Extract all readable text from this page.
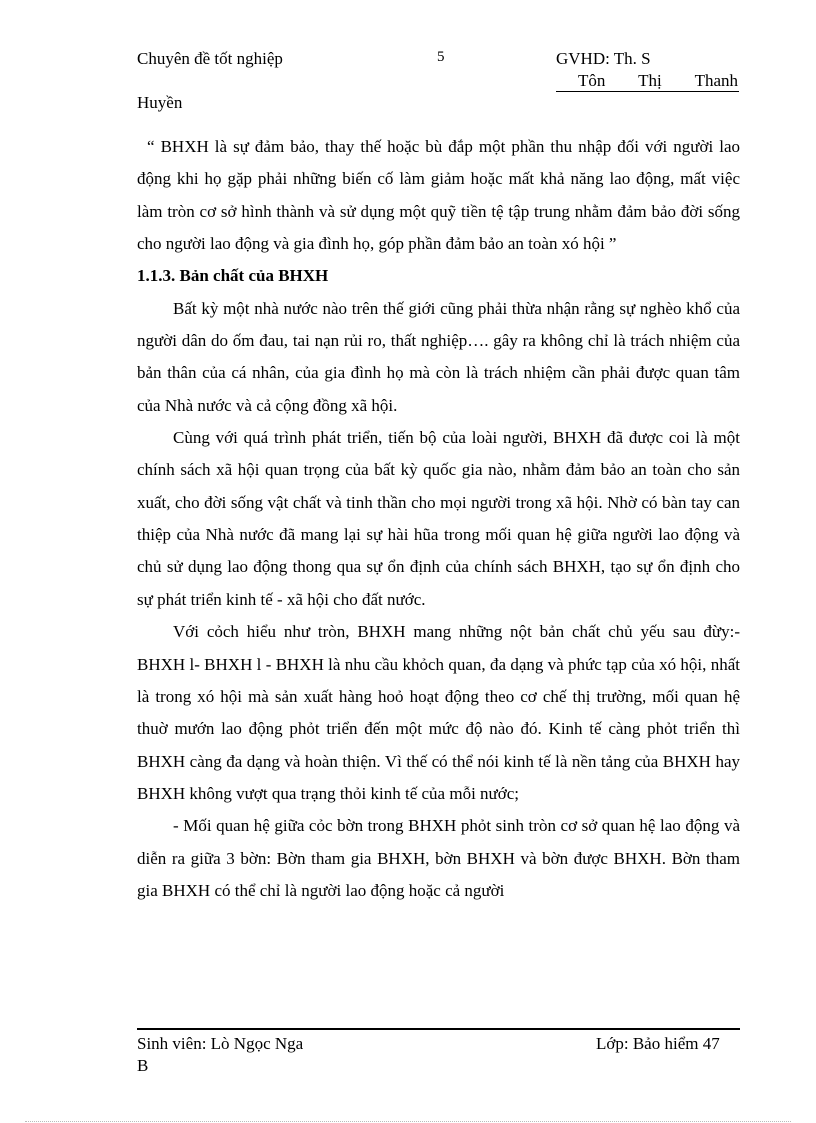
Chuyên đề tốt nghiệp	5	GVHD: Th. S
Tôn Thị Thanh
Huyền

“ BHXH là sự đảm bảo, thay thế hoặc bù đắp một phần thu nhập đối với người lao động khi họ gặp phải những biến cố làm giảm hoặc mất khả năng lao động, mất việc làm tròn cơ sở hình thành và sử dụng một quỹ tiền tệ tập trung nhằm đảm bảo đời sống cho người lao động và gia đình họ, góp phần đảm bảo an toàn xó hội ”

1.1.3. Bản chất của BHXH

Bất kỳ một nhà nước nào trên thế giới cũng phải thừa nhận rằng sự nghèo khổ của người dân do ốm đau, tai nạn rủi ro, thất nghiệp…. gây ra không chỉ là trách nhiệm của bản thân của cá nhân, của gia đình họ mà còn là trách nhiệm cần phải được quan tâm của Nhà nước và cả cộng đồng xã hội.

Cùng với quá trình phát triển, tiến bộ của loài người, BHXH đã được coi là một chính sách xã hội quan trọng của bất kỳ quốc gia nào, nhằm đảm bảo an toàn cho sản xuất, cho đời sống vật chất và tinh thần cho mọi người trong xã hội. Nhờ có bàn tay can thiệp của Nhà nước đã mang lại sự hài hũa trong mối quan hệ giữa người lao động và chủ sử dụng lao động thong qua sự ổn định của chính sách BHXH, tạo sự ổn định cho sự phát triển kinh tế - xã hội cho đất nước.

Với cỏch hiểu như tròn, BHXH mang những nột bản chất chủ yếu sau đừy:- BHXH l- BHXH l - BHXH là nhu cầu khỏch quan, đa dạng và phức tạp của xó hội, nhất là trong xó hội mà sản xuất hàng hoỏ hoạt động theo cơ chế thị trường, mối quan hệ thuờ mướn lao động phỏt triển đến một mức độ nào đó. Kinh tế càng phỏt triển thì BHXH càng đa dạng và hoàn thiện. Vì thế có thể nói kinh tế là nền tảng của BHXH hay BHXH không vượt qua trạng thỏi kinh tế của mỗi nước;

- Mối quan hệ giữa cỏc bờn trong BHXH phỏt sinh tròn cơ sở quan hệ lao động và diễn ra giữa 3 bờn: Bờn tham gia BHXH, bờn BHXH và bờn được BHXH. Bờn tham gia BHXH có thể chỉ là người lao động hoặc cả người

Sinh viên: Lò Ngọc Nga	Lớp: Bảo hiểm 47
B
